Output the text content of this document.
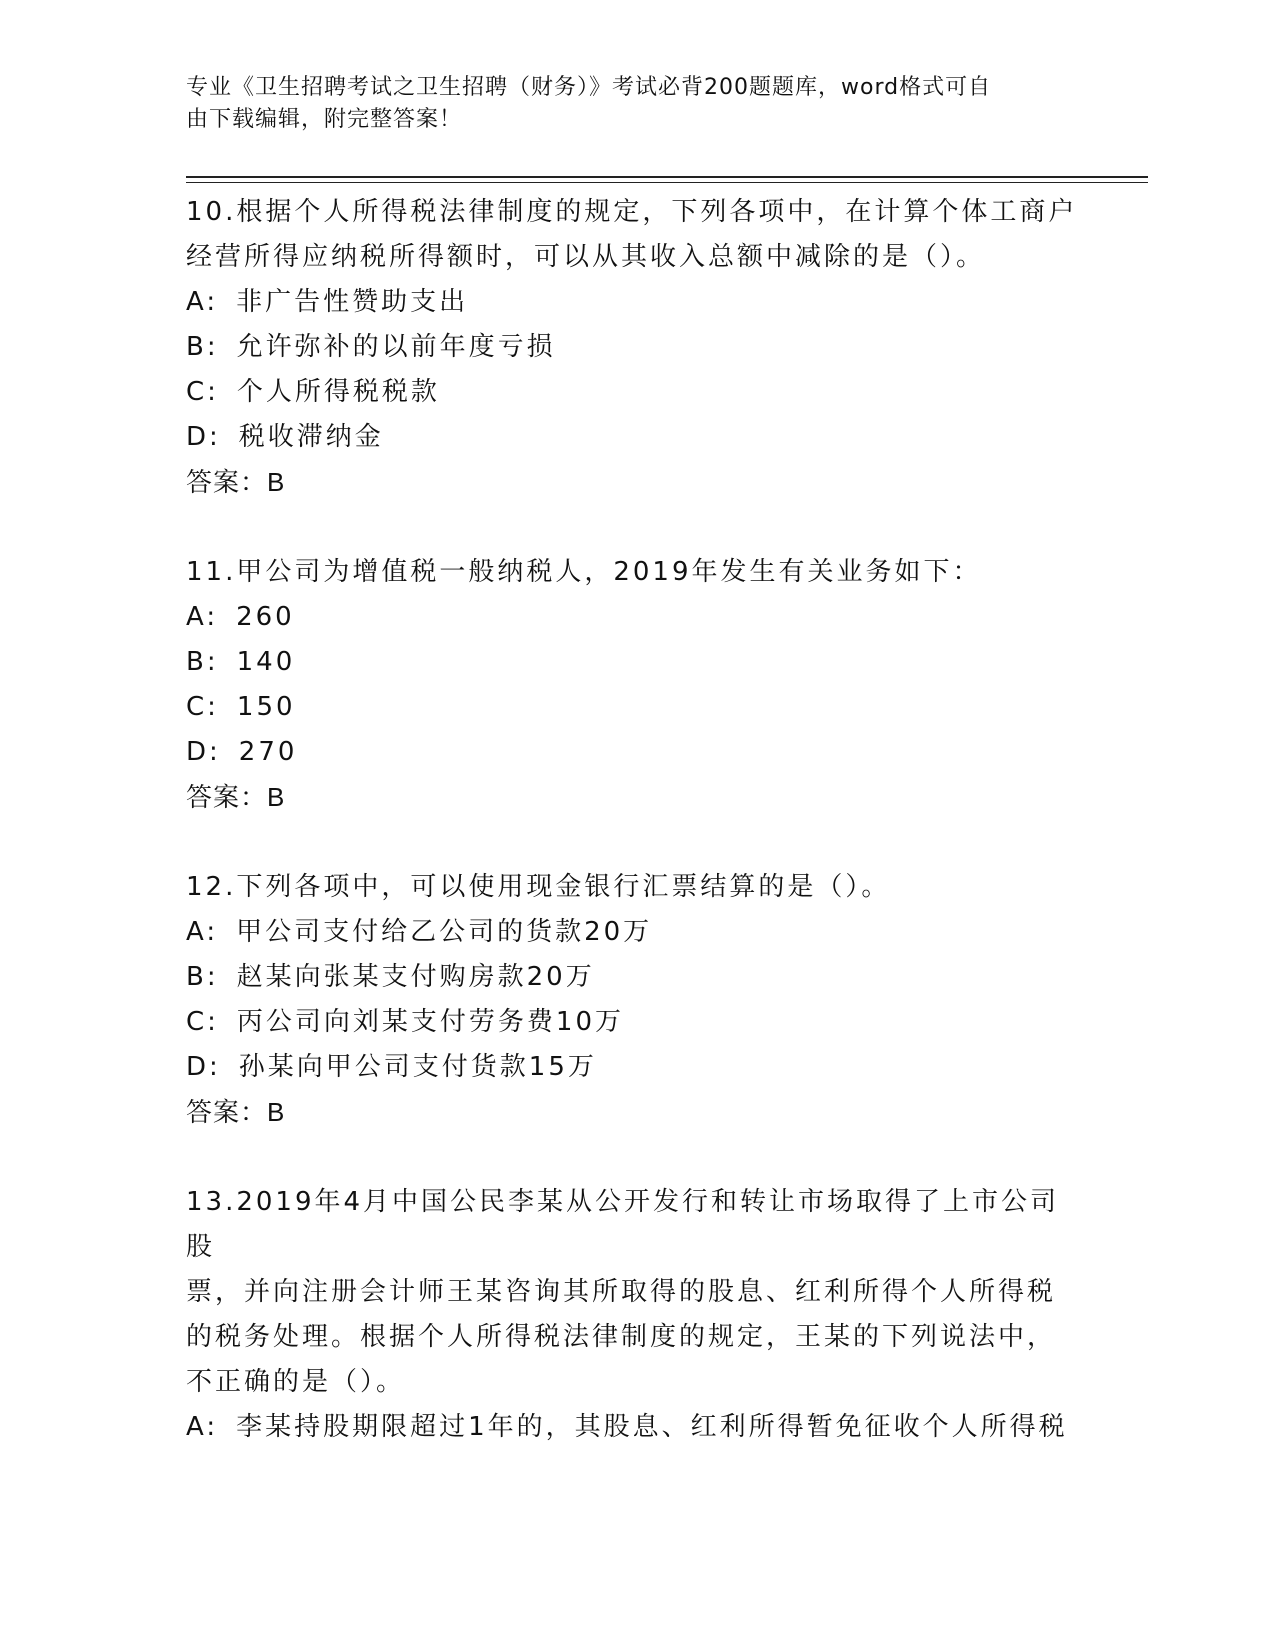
专业《卫生招聘考试之卫生招聘（财务）》考试必背200题题库，word格式可自
由下载编辑，附完整答案！

10.根据个人所得税法律制度的规定，下列各项中，在计算个体工商户

经营所得应纳税所得额时，可以从其收入总额中减除的是（）。

A: 非广告性赞助支出

B: 允许弥补的以前年度亏损

C: 个人所得税税款

D: 税收滞纳金

答案：B

11.甲公司为增值税一般纳税人，2019年发生有关业务如下：

A: 260

B: 140

C: 150

D: 270

答案：B

12.下列各项中，可以使用现金银行汇票结算的是（）。

A: 甲公司支付给乙公司的货款20万

B: 赵某向张某支付购房款20万

C: 丙公司向刘某支付劳务费10万

D: 孙某向甲公司支付货款15万

答案：B

13.2019年4月中国公民李某从公开发行和转让市场取得了上市公司股

票，并向注册会计师王某咨询其所取得的股息、红利所得个人所得税

的税务处理。根据个人所得税法律制度的规定，王某的下列说法中，

不正确的是（）。

A: 李某持股期限超过1年的，其股息、红利所得暂免征收个人所得税
